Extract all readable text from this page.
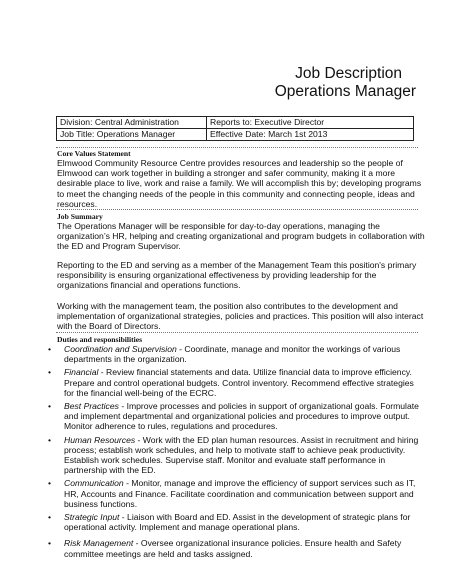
Job Description
Operations Manager
Division: Central Administration	Reports to: Executive Director
Job Title: Operations Manager	Effective Date: March 1st 2013
Core Values Statement

Elmwood Community Resource Centre provides resources and leadership so the people of Elmwood can work together in building a stronger and safer community, making it a more desirable place to live, work and raise a family. We will accomplish this by; developing programs to meet the changing needs of the people in this community and connecting people, ideas and resources.

Job Summary

The Operations Manager will be responsible for day-to-day operations, managing the organization’s HR, helping and creating organizational and program budgets in collaboration with the ED and Program Supervisor.

Reporting to the ED and serving as a member of the Management Team this position's primary responsibility is ensuring organizational effectiveness by providing leadership for the organizations financial and operations functions.

Working with the management team, the position also contributes to the development and implementation of organizational strategies, policies and practices. This position will also interact with the Board of Directors.

Duties and responsibilities
• Coordination and Supervision - Coordinate, manage and monitor the workings of various departments in the organization.
• Financial - Review financial statements and data. Utilize financial data to improve efficiency. Prepare and control operational budgets. Control inventory. Recommend effective strategies for the financial well-being of the ECRC.
• Best Practices - Improve processes and policies in support of organizational goals. Formulate and implement departmental and organizational policies and procedures to improve output. Monitor adherence to rules, regulations and procedures.
• Human Resources - Work with the ED plan human resources. Assist in recruitment and hiring process; establish work schedules, and help to motivate staff to achieve peak productivity. Establish work schedules. Supervise staff. Monitor and evaluate staff performance in partnership with the ED.
• Communication - Monitor, manage and improve the efficiency of support services such as IT, HR, Accounts and Finance. Facilitate coordination and communication between support and business functions.
• Strategic Input - Liaison with Board and ED. Assist in the development of strategic plans for operational activity. Implement and manage operational plans.
• Risk Management - Oversee organizational insurance policies. Ensure health and Safety committee meetings are held and tasks assigned.
